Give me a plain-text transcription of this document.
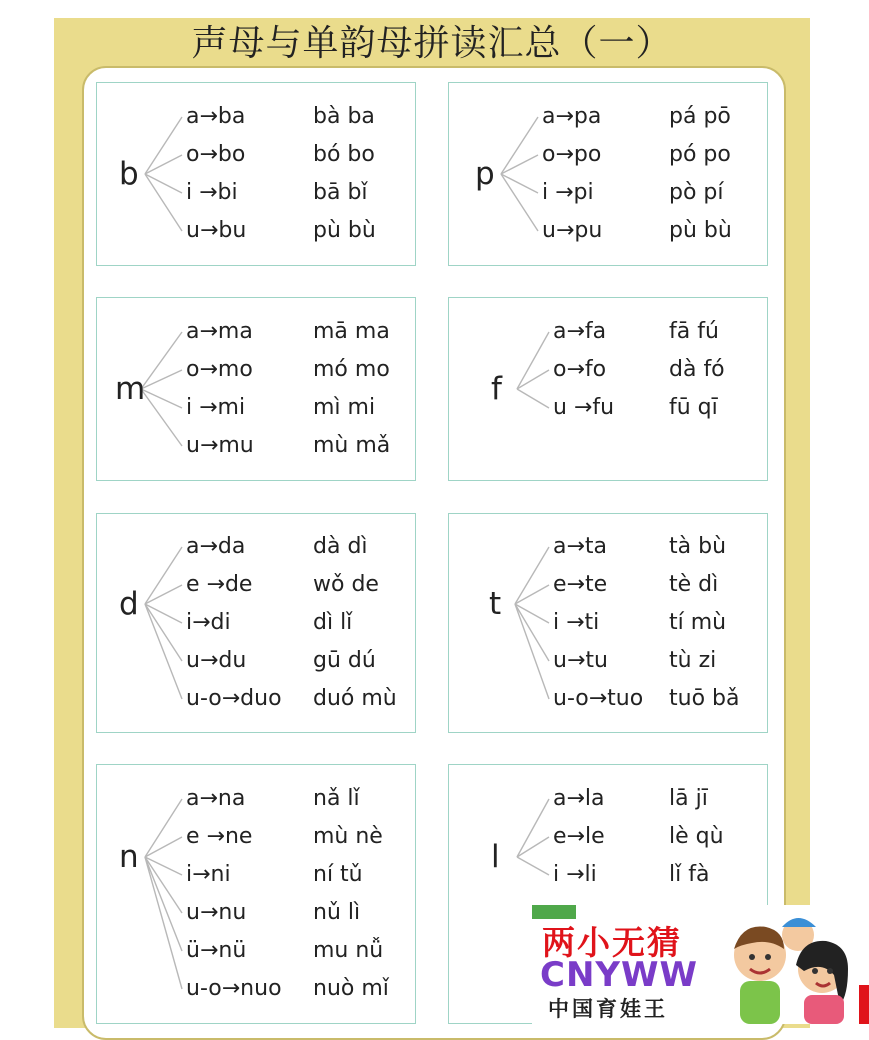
声母与单韵母拼读汇总（一）
b
a→ba	bà ba
o→bo	bó bo
i →bi	bā bǐ
u→bu	pù bù
p
a→pa	pá pō
o→po	pó po
i →pi	pò pí
u→pu	pù bù
m
a→ma	mā ma
o→mo	mó mo
i →mi	mì mi
u→mu	mù mǎ
f
a→fa	fā fú
o→fo	dà fó
u →fu fū qī
d
a→da	dà dì
e →de	wǒ de
i→di	dì lǐ
u→du	gū dú
u-o→duo duó mù
t
a→ta	tà bù
e→te	tè dì
i →ti	tí mù
u→tu	tù zi
u-o→tuo tuō bǎ
n
a→na	nǎ lǐ
e →ne	mù nè
i→ni	ní tǔ
u→nu	nǔ lì
ü→nü	mu nǚ
u-o→nuo nuò mǐ
l
a→la	lā jī
e→le	lè qù
i →li	lǐ fà
两小无猜
CNYWW
中国育娃王
